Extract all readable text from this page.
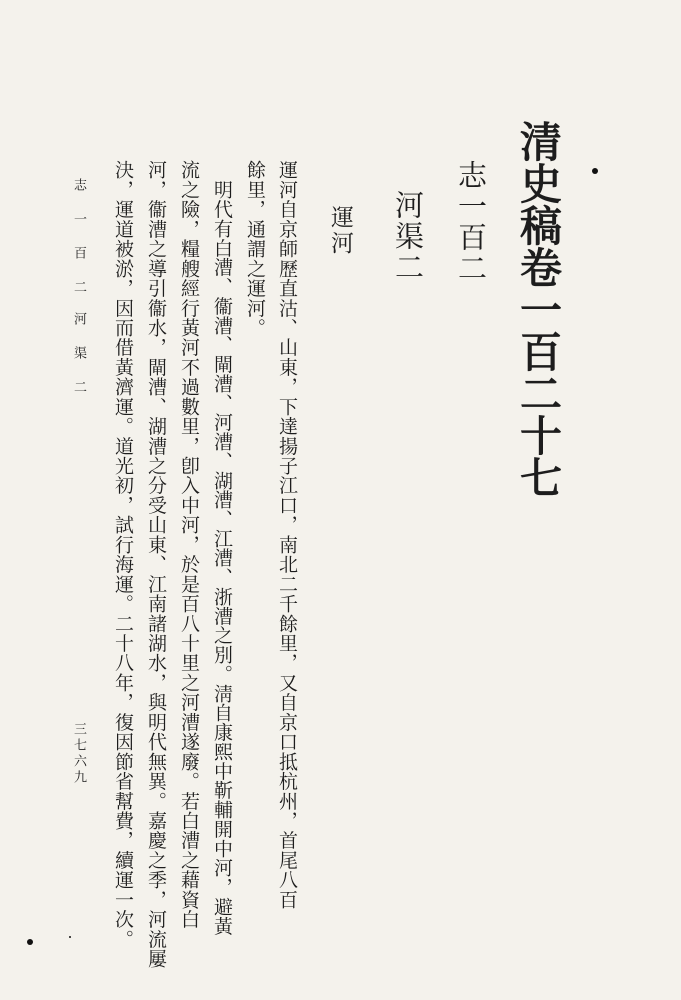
清史稿卷一百二十七
志一百二
河渠二
運河
運河自京師歷直沽、山東，下達揚子江口，南北二千餘里，又自京口抵杭州，首尾八百
餘里，通謂之運河。
明代有白漕、衞漕、閘漕、河漕、湖漕、江漕、浙漕之別。淸自康熙中靳輔開中河，避黃
流之險，糧艘經行黃河不過數里，卽入中河，於是百八十里之河漕遂廢。若白漕之藉資白
河，衞漕之導引衞水，閘漕、湖漕之分受山東、江南諸湖水，與明代無異。嘉慶之季，河流屢
決，運道被淤，因而借黃濟運。道光初，試行海運。二十八年，復因節省幫費，續運一次。
志 一 百 二　河 渠 二
三七六九
